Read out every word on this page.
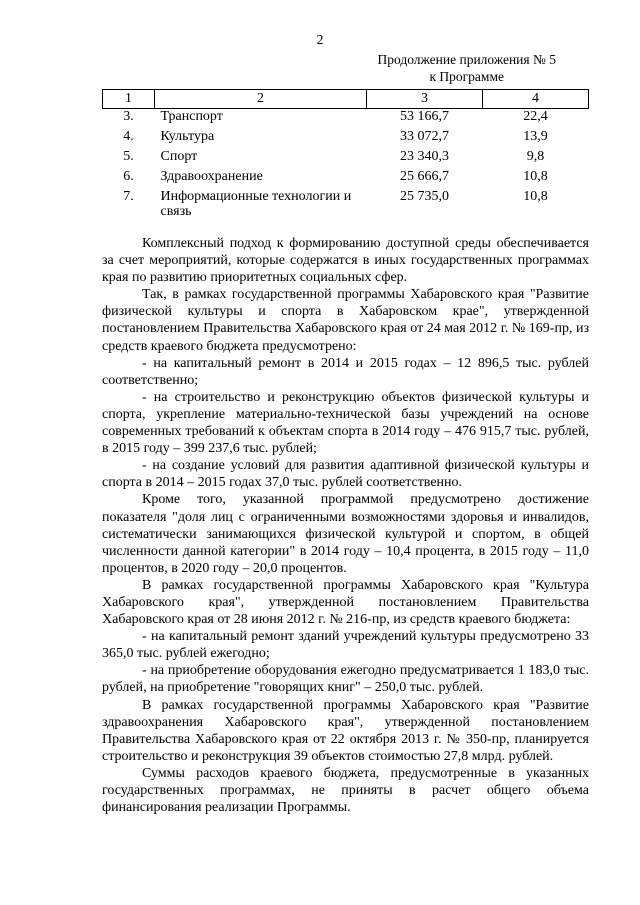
2
Продолжение приложения № 5
к Программе
1	2	3	4
3.	Транспорт	53 166,7	22,4
4.	Культура	33 072,7	13,9
5.	Спорт	23 340,3	9,8
6.	Здравоохранение	25 666,7	10,8
7.	Информационные технологии и связь	25 735,0	10,8

Комплексный подход к формированию доступной среды обеспечивается за счет мероприятий, которые содержатся в иных государственных программах края по развитию приоритетных социальных сфер.

Так, в рамках государственной программы Хабаровского края "Развитие физической культуры и спорта в Хабаровском крае", утвержденной постановлением Правительства Хабаровского края от 24 мая 2012 г. № 169-пр, из средств краевого бюджета предусмотрено:

- на капитальный ремонт в 2014 и 2015 годах – 12 896,5 тыс. рублей соответственно;

- на строительство и реконструкцию объектов физической культуры и спорта, укрепление материально-технической базы учреждений на основе современных требований к объектам спорта в 2014 году – 476 915,7 тыс. рублей, в 2015 году – 399 237,6 тыс. рублей;

- на создание условий для развития адаптивной физической культуры и спорта в 2014 – 2015 годах 37,0 тыс. рублей соответственно.

Кроме того, указанной программой предусмотрено достижение показателя "доля лиц с ограниченными возможностями здоровья и инвалидов, систематически занимающихся физической культурой и спортом, в общей численности данной категории" в 2014 году – 10,4 процента, в 2015 году – 11,0 процентов, в 2020 году – 20,0 процентов.

В рамках государственной программы Хабаровского края "Культура Хабаровского края", утвержденной постановлением Правительства Хабаровского края от 28 июня 2012 г. № 216-пр, из средств краевого бюджета:

- на капитальный ремонт зданий учреждений культуры предусмотрено 33 365,0 тыс. рублей ежегодно;

- на приобретение оборудования ежегодно предусматривается 1 183,0 тыс. рублей, на приобретение "говорящих книг" – 250,0 тыс. рублей.

В рамках государственной программы Хабаровского края "Развитие здравоохранения Хабаровского края", утвержденной постановлением Правительства Хабаровского края от 22 октября 2013 г. № 350-пр, планируется строительство и реконструкция 39 объектов стоимостью 27,8 млрд. рублей.

Суммы расходов краевого бюджета, предусмотренные в указанных государственных программах, не приняты в расчет общего объема финансирования реализации Программы.
